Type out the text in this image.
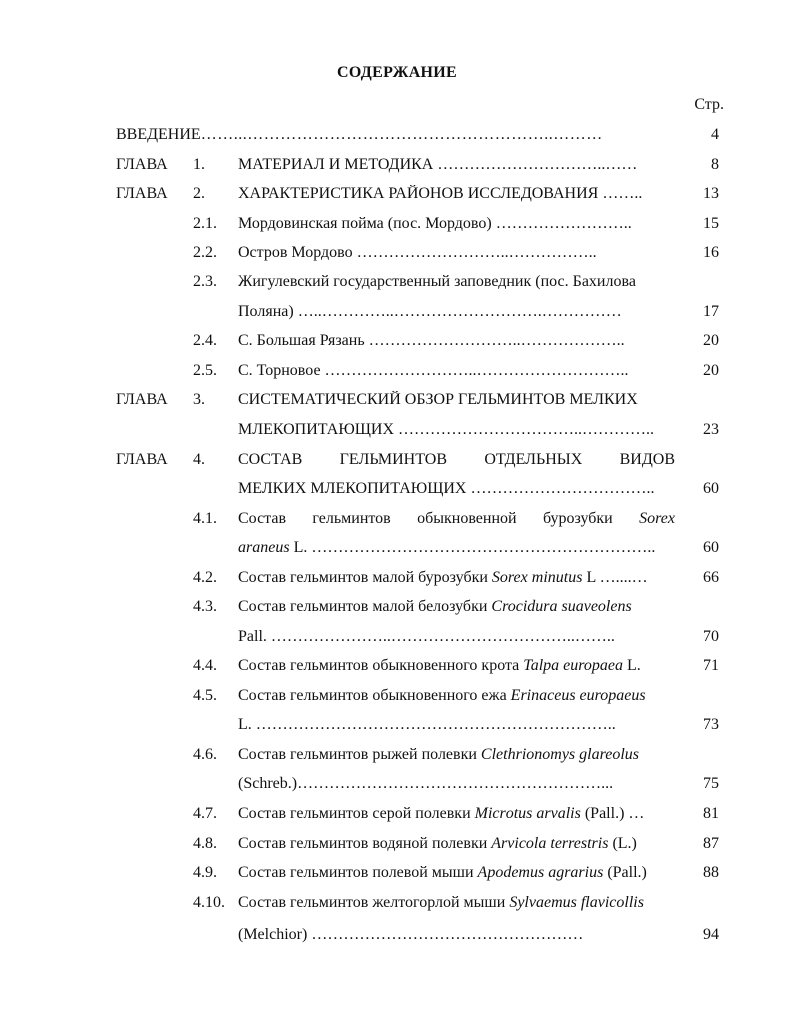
СОДЕРЖАНИЕ
Стр.
ВВЕДЕНИЕ……...………………………………………………..………	4
ГЛАВА 1. МАТЕРИАЛ И МЕТОДИКА …………………………..……	8
ГЛАВА 2. ХАРАКТЕРИСТИКА РАЙОНОВ ИССЛЕДОВАНИЯ ……..	13
2.1. Мордовинская пойма (пос. Мордово) ……………………..	15
2.2. Остров Мордово ………………………..……………..	16
2.3. Жигулевский государственный заповедник (пос. Бахилова
Поляна) …..…………..……………………….……………	17
2.4. С. Большая Рязань ………………………..………………..	20
2.5. С. Торновое ………………………..………………………..	20
ГЛАВА 3. СИСТЕМАТИЧЕСКИЙ ОБЗОР ГЕЛЬМИНТОВ МЕЛКИХ
МЛЕКОПИТАЮЩИХ ……………………………..…………..	23
ГЛАВА 4. СОСТАВ ГЕЛЬМИНТОВ ОТДЕЛЬНЫХ ВИДОВ
МЕЛКИХ МЛЕКОПИТАЮЩИХ ……………………………..	60
4.1. Состав гельминтов обыкновенной бурозубки Sorex
araneus L. ………………………………………………………..	60
4.2. Состав гельминтов малой бурозубки Sorex minutus L …....…	66
4.3. Состав гельминтов малой белозубки Crocidura suaveolens
Pall. …………………..……………………………..……..	70
4.4. Состав гельминтов обыкновенного крота Talpa europaea L.	71
4.5. Состав гельминтов обыкновенного ежа Erinaceus europaeus
L. …………………………………………………………..	73
4.6. Состав гельминтов рыжей полевки Clethrionomys glareolus
(Schreb.)…………………………………………………...	75
4.7. Состав гельминтов серой полевки Micrоtus arvalis (Pall.) …	81
4.8. Состав гельминтов водяной полевки Arvicola terrestris (L.)	87
4.9. Состав гельминтов полевой мыши Apodemus agrarius (Pall.)	88
4.10. Состав гельминтов желтогорлой мыши Sylvaemus flavicollis
(Melchior) ……………………………………………	94
